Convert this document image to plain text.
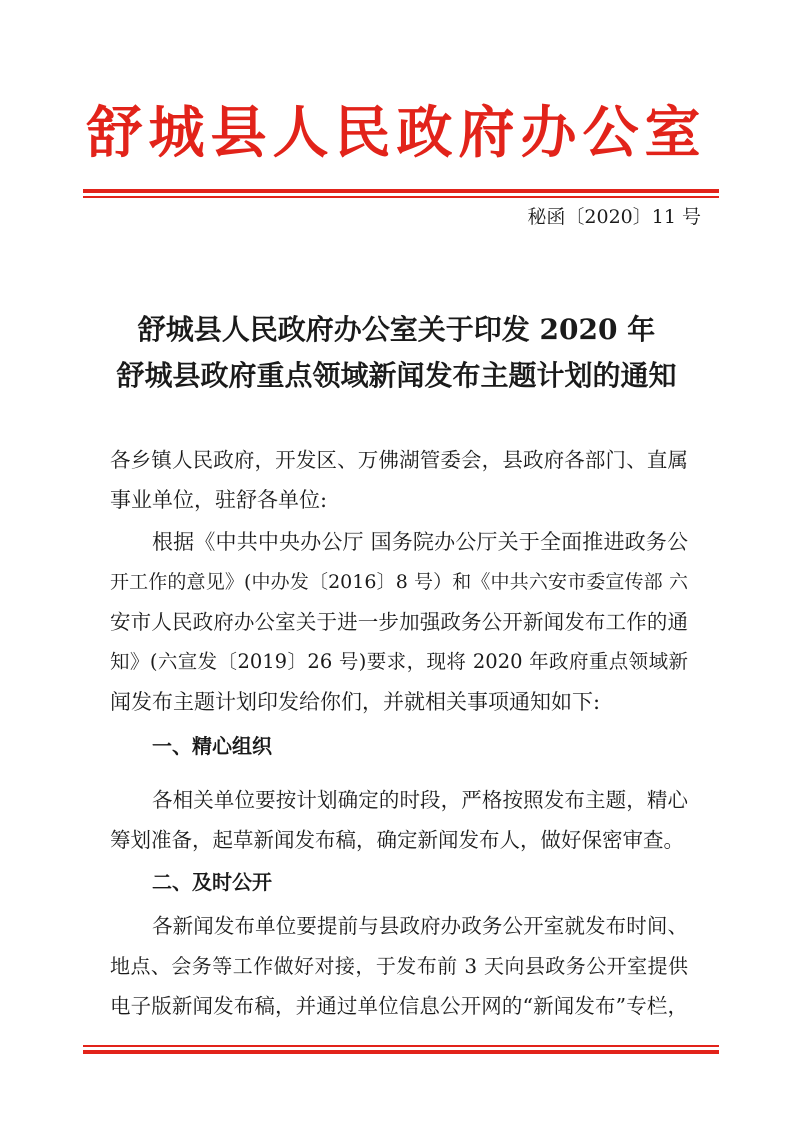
舒城县人民政府办公室
秘函〔2020〕11 号
舒城县人民政府办公室关于印发 2020 年
舒城县政府重点领域新闻发布主题计划的通知
各乡镇人民政府，开发区、万佛湖管委会，县政府各部门、直属
事业单位，驻舒各单位:
根据《中共中央办公厅 国务院办公厅关于全面推进政务公
开工作的意见》(中办发〔2016〕8 号）和《中共六安市委宣传部 六
安市人民政府办公室关于进一步加强政务公开新闻发布工作的通
知》(六宣发〔2019〕26 号)要求，现将 2020 年政府重点领域新
闻发布主题计划印发给你们，并就相关事项通知如下:
一、精心组织
各相关单位要按计划确定的时段，严格按照发布主题，精心
筹划准备，起草新闻发布稿，确定新闻发布人，做好保密审查。
二、及时公开
各新闻发布单位要提前与县政府办政务公开室就发布时间、
地点、会务等工作做好对接，于发布前 3 天向县政务公开室提供
电子版新闻发布稿，并通过单位信息公开网的“新闻发布”专栏，
